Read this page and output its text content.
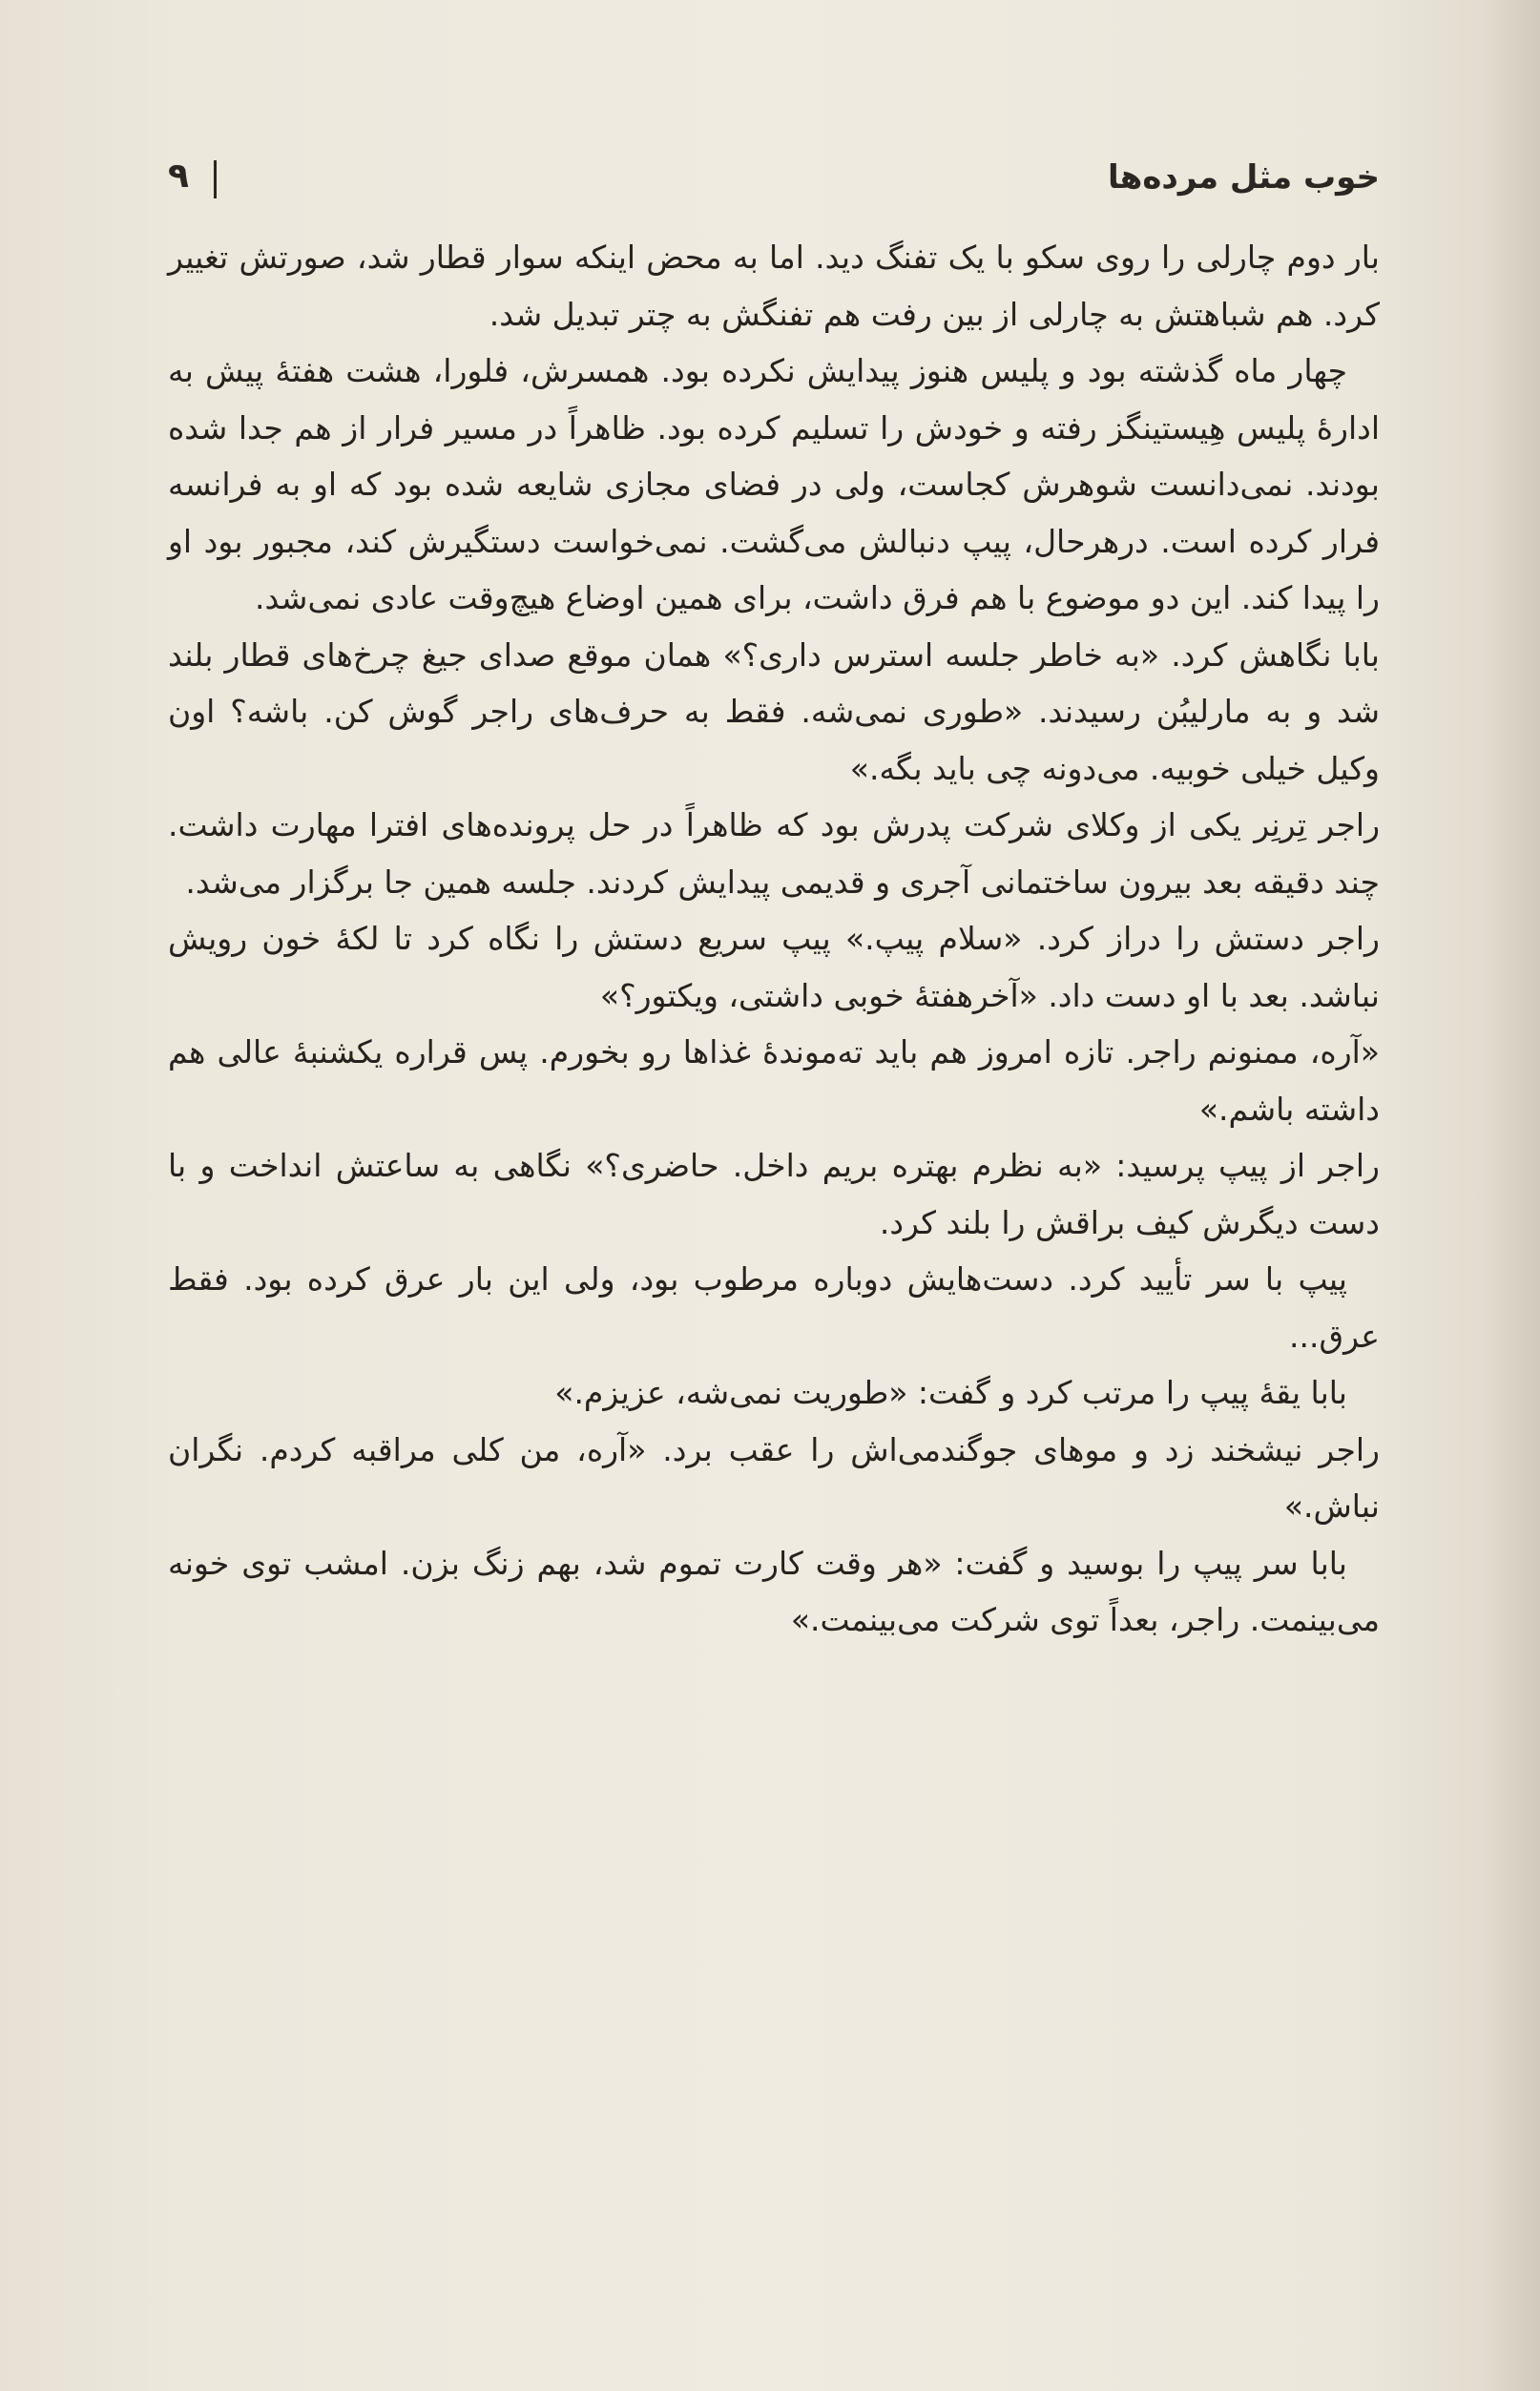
خوب مثل مرده‌ها
۹

بار دوم چارلی را روی سکو با یک تفنگ دید. اما به محض اینکه سوار قطار شد، صورتش تغییر کرد. هم شباهتش به چارلی از بین رفت هم تفنگش به چتر تبدیل شد.

چهار ماه گذشته بود و پلیس هنوز پیدایش نکرده بود. همسرش، فلورا، هشت هفتهٔ پیش به ادارهٔ پلیس هِیستینگز رفته و خودش را تسلیم کرده بود. ظاهراً در مسیر فرار از هم جدا شده بودند. نمی‌دانست شوهرش کجاست، ولی در فضای مجازی شایعه شده بود که او به فرانسه فرار کرده است. درهرحال، پیپ دنبالش می‌گشت. نمی‌خواست دستگیرش کند، مجبور بود او را پیدا کند. این دو موضوع با هم فرق داشت، برای همین اوضاع هیچ‌وقت عادی نمی‌شد.

بابا نگاهش کرد. «به خاطر جلسه استرس داری؟» همان موقع صدای جیغ چرخ‌های قطار بلند شد و به مارلیبُن رسیدند. «طوری نمی‌شه. فقط به حرف‌های راجر گوش کن. باشه؟ اون وکیل خیلی خوبیه. می‌دونه چی باید بگه.»

راجر تِرنِر یکی از وکلای شرکت پدرش بود که ظاهراً در حل پرونده‌های افترا مهارت داشت. چند دقیقه بعد بیرون ساختمانی آجری و قدیمی پیدایش کردند. جلسه همین جا برگزار می‌شد.

راجر دستش را دراز کرد. «سلام پیپ.» پیپ سریع دستش را نگاه کرد تا لکهٔ خون رویش نباشد. بعد با او دست داد. «آخرهفتهٔ خوبی داشتی، ویکتور؟»

«آره، ممنونم راجر. تازه امروز هم باید ته‌موندهٔ غذاها رو بخورم. پس قراره یکشنبهٔ عالی هم داشته باشم.»

راجر از پیپ پرسید: «به نظرم بهتره بریم داخل. حاضری؟» نگاهی به ساعتش انداخت و با دست دیگرش کیف براقش را بلند کرد.

پیپ با سر تأیید کرد. دست‌هایش دوباره مرطوب بود، ولی این بار عرق کرده بود. فقط عرق...

بابا یقهٔ پیپ را مرتب کرد و گفت: «طوریت نمی‌شه، عزیزم.»

راجر نیشخند زد و موهای جوگندمی‌اش را عقب برد. «آره، من کلی مراقبه کردم. نگران نباش.»

بابا سر پیپ را بوسید و گفت: «هر وقت کارت تموم شد، بهم زنگ بزن. امشب توی خونه می‌بینمت. راجر، بعداً توی شرکت می‌بینمت.»
